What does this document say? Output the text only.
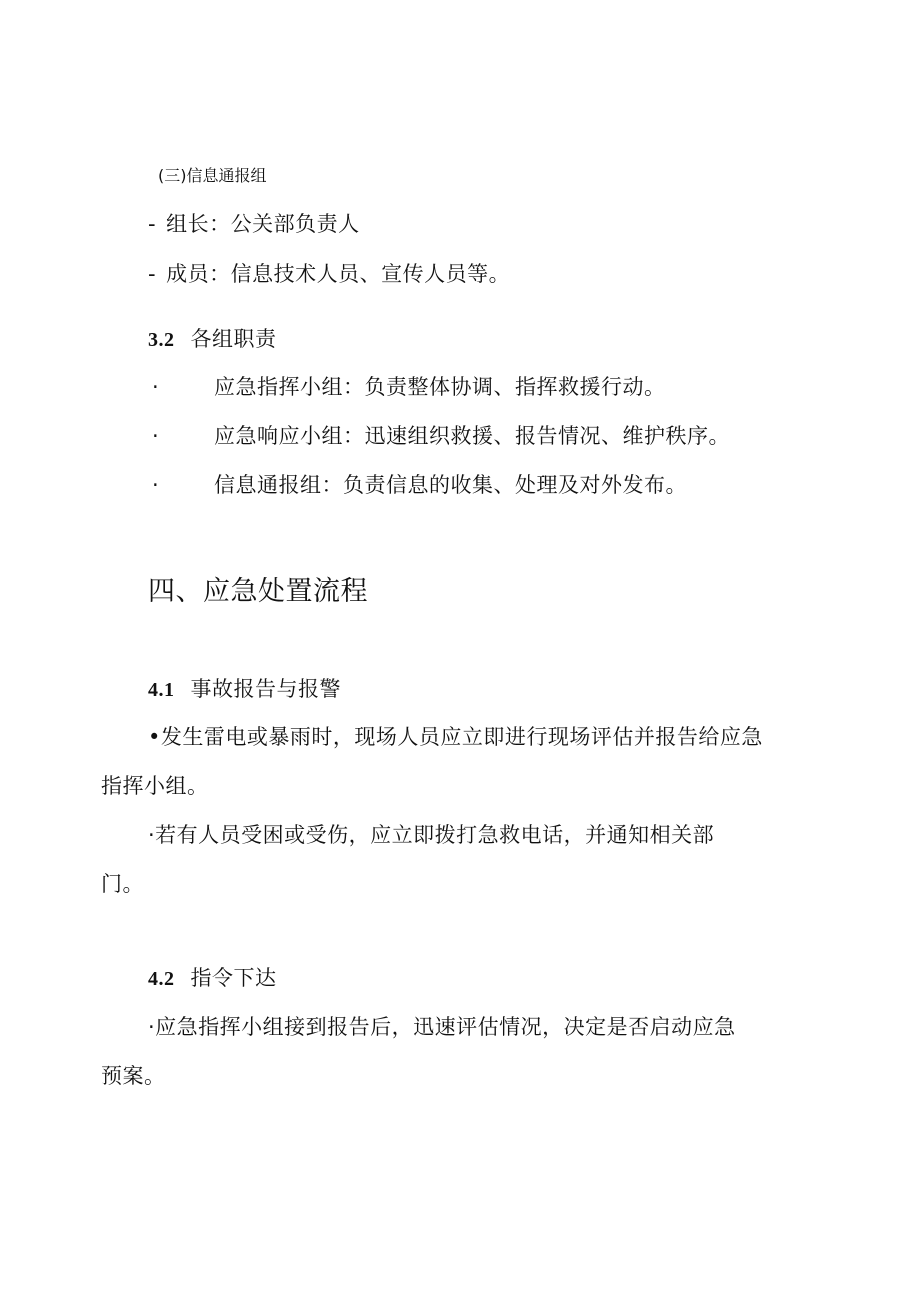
(三)信息通报组
- 组长：公关部负责人
- 成员：信息技术人员、宣传人员等。
3.2 各组职责
·	应急指挥小组：负责整体协调、指挥救援行动。
·	应急响应小组：迅速组织救援、报告情况、维护秩序。
·	信息通报组：负责信息的收集、处理及对外发布。
四、应急处置流程
4.1 事故报告与报警
•发生雷电或暴雨时，现场人员应立即进行现场评估并报告给应急
指挥小组。
·若有人员受困或受伤，应立即拨打急救电话，并通知相关部
门。
4.2 指令下达
·应急指挥小组接到报告后，迅速评估情况，决定是否启动应急
预案。
